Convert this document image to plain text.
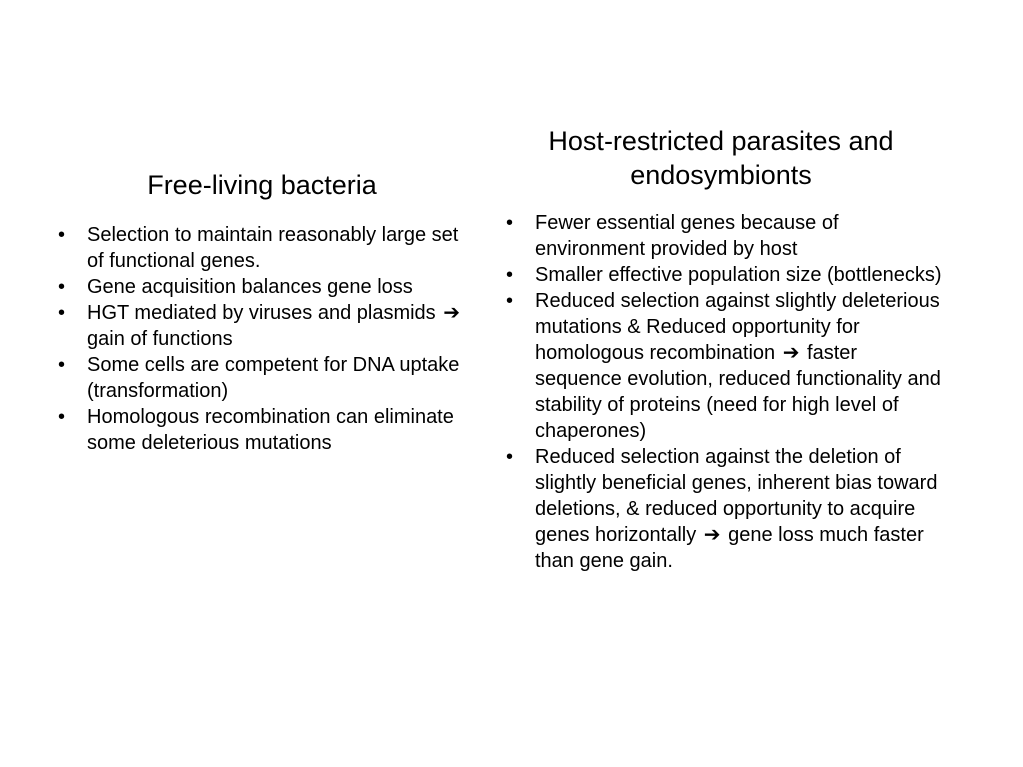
Free-living bacteria
•	Selection to maintain reasonably large set of functional genes.
•	Gene acquisition balances gene loss
•	HGT mediated by viruses and plasmids ➔ gain of functions
•	Some cells are competent for DNA uptake (transformation)
•	Homologous recombination can eliminate some deleterious mutations
Host-restricted parasites and endosymbionts
•	Fewer essential genes because of environment provided by host
•	Smaller effective population size (bottlenecks)
•	Reduced selection against slightly deleterious mutations & Reduced opportunity for homologous recombination ➔ faster sequence evolution, reduced functionality and stability of proteins (need for high level of chaperones)
•	Reduced selection against the deletion of slightly beneficial genes, inherent bias toward deletions, & reduced opportunity to acquire genes horizontally ➔ gene loss much faster than gene gain.
